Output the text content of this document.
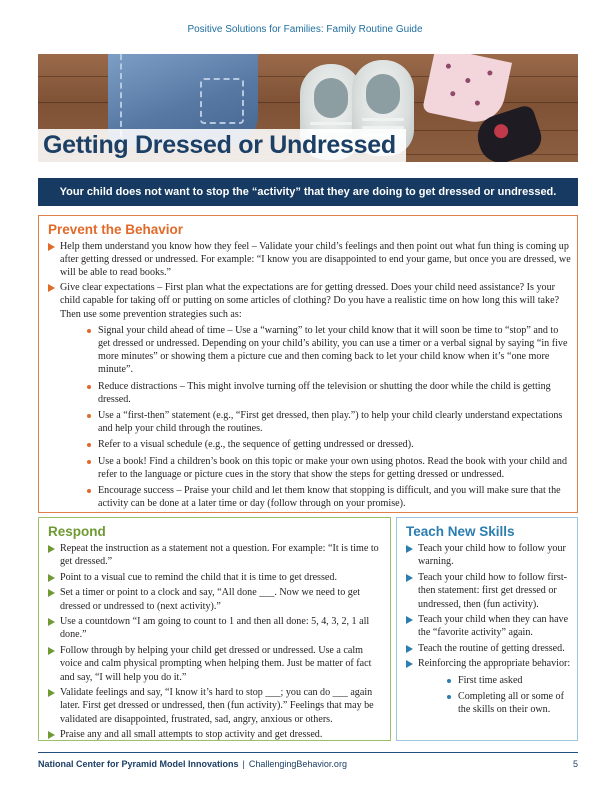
Positive Solutions for Families: Family Routine Guide
Getting Dressed or Undressed
Your child does not want to stop the “activity” that they are doing to get dressed or undressed.
Prevent the Behavior
Help them understand you know how they feel – Validate your child’s feelings and then point out what fun thing is coming up after getting dressed or undressed. For example: “I know you are disappointed to end your game, but once you are dressed, we will be able to read books.”
Give clear expectations – First plan what the expectations are for getting dressed. Does your child need assistance? Is your child capable for taking off or putting on some articles of clothing? Do you have a realistic time on how long this will take? Then use some prevention strategies such as:
Signal your child ahead of time – Use a “warning” to let your child know that it will soon be time to “stop” and to get dressed or undressed. Depending on your child’s ability, you can use a timer or a verbal signal by saying “in five more minutes” or showing them a picture cue and then coming back to let your child know when it’s “one more minute”.
Reduce distractions – This might involve turning off the television or shutting the door while the child is getting dressed.
Use a “first-then” statement (e.g., “First get dressed, then play.”) to help your child clearly understand expectations and help your child through the routines.
Refer to a visual schedule (e.g., the sequence of getting undressed or dressed).
Use a book! Find a children’s book on this topic or make your own using photos. Read the book with your child and refer to the language or picture cues in the story that show the steps for getting dressed or undressed.
Encourage success – Praise your child and let them know that stopping is difficult, and you will make sure that the activity can be done at a later time or day (follow through on your promise).
Respond
Repeat the instruction as a statement not a question. For example: “It is time to get dressed.”
Point to a visual cue to remind the child that it is time to get dressed.
Set a timer or point to a clock and say, “All done ___. Now we need to get dressed or undressed to (next activity).”
Use a countdown “I am going to count to 1 and then all done: 5, 4, 3, 2, 1 all done.”
Follow through by helping your child get dressed or undressed. Use a calm voice and calm physical prompting when helping them. Just be matter of fact and say, “I will help you do it.”
Validate feelings and say, “I know it’s hard to stop ___; you can do ___ again later. First get dressed or undressed, then (fun activity).” Feelings that may be validated are disappointed, frustrated, sad, angry, anxious or others.
Praise any and all small attempts to stop activity and get dressed.
Teach New Skills
Teach your child how to follow your warning.
Teach your child how to follow first-then statement: first get dressed or undressed, then (fun activity).
Teach your child when they can have the “favorite activity” again.
Teach the routine of getting dressed.
Reinforcing the appropriate behavior:
First time asked
Completing all or some of the skills on their own.
National Center for Pyramid Model Innovations | ChallengingBehavior.org	5
